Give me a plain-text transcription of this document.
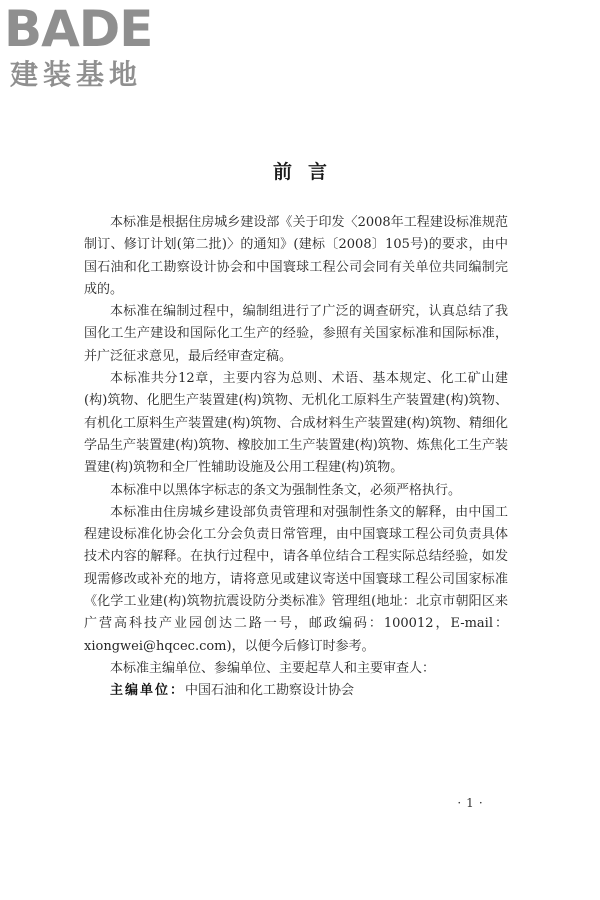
BADE
建装基地
前言

本标准是根据住房城乡建设部《关于印发〈2008年工程建设标准规范制订、修订计划(第二批)〉的通知》(建标〔2008〕105号)的要求，由中国石油和化工勘察设计协会和中国寰球工程公司会同有关单位共同编制完成的。

本标准在编制过程中，编制组进行了广泛的调查研究，认真总结了我国化工生产建设和国际化工生产的经验，参照有关国家标准和国际标准，并广泛征求意见，最后经审查定稿。

本标准共分12章，主要内容为总则、术语、基本规定、化工矿山建(构)筑物、化肥生产装置建(构)筑物、无机化工原料生产装置建(构)筑物、有机化工原料生产装置建(构)筑物、合成材料生产装置建(构)筑物、精细化学品生产装置建(构)筑物、橡胶加工生产装置建(构)筑物、炼焦化工生产装置建(构)筑物和全厂性辅助设施及公用工程建(构)筑物。

本标准中以黑体字标志的条文为强制性条文，必须严格执行。

本标准由住房城乡建设部负责管理和对强制性条文的解释，由中国工程建设标准化协会化工分会负责日常管理，由中国寰球工程公司负责具体技术内容的解释。在执行过程中，请各单位结合工程实际总结经验，如发现需修改或补充的地方，请将意见或建议寄送中国寰球工程公司国家标准《化学工业建(构)筑物抗震设防分类标准》管理组(地址：北京市朝阳区来广营高科技产业园创达二路一号，邮政编码：100012，E-mail：xiongwei@hqcec.com)，以便今后修订时参考。

本标准主编单位、参编单位、主要起草人和主要审查人：

主编单位：中国石油和化工勘察设计协会

· 1 ·
